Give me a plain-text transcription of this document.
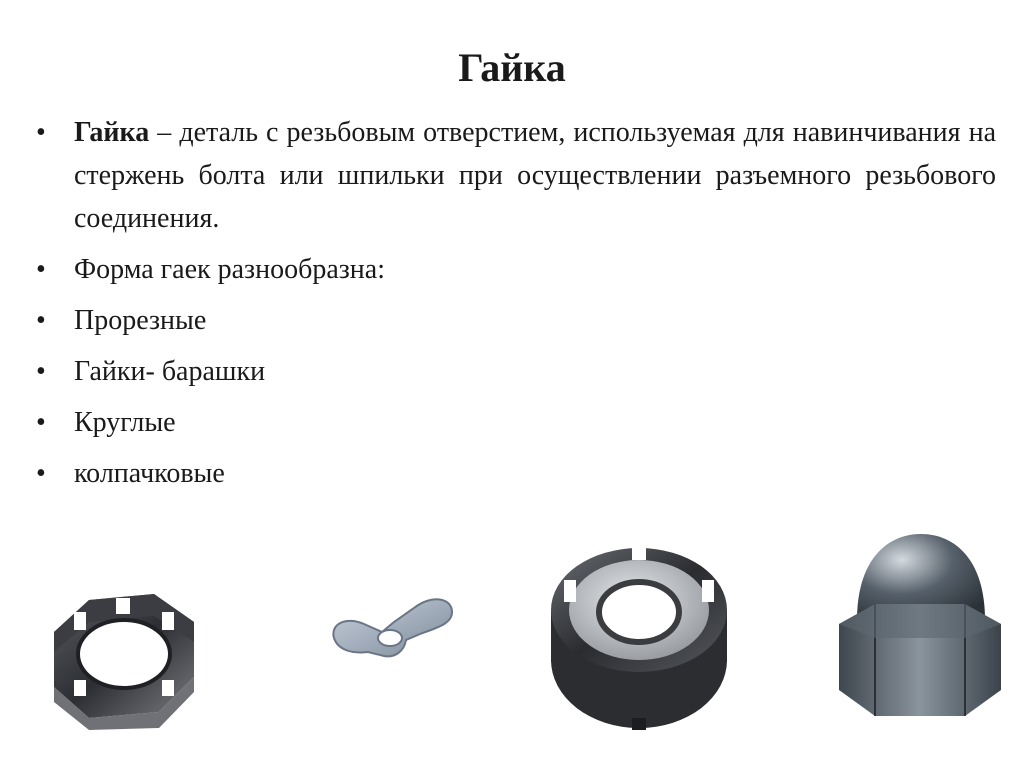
Гайка
•	Гайка – деталь с резьбовым отверстием, используемая для навинчивания на стержень болта или шпильки при осуществлении разъемного резьбового соединения.
•	Форма гаек разнообразна:
•	Прорезные
•	Гайки- барашки
•	Круглые
•	колпачковые
